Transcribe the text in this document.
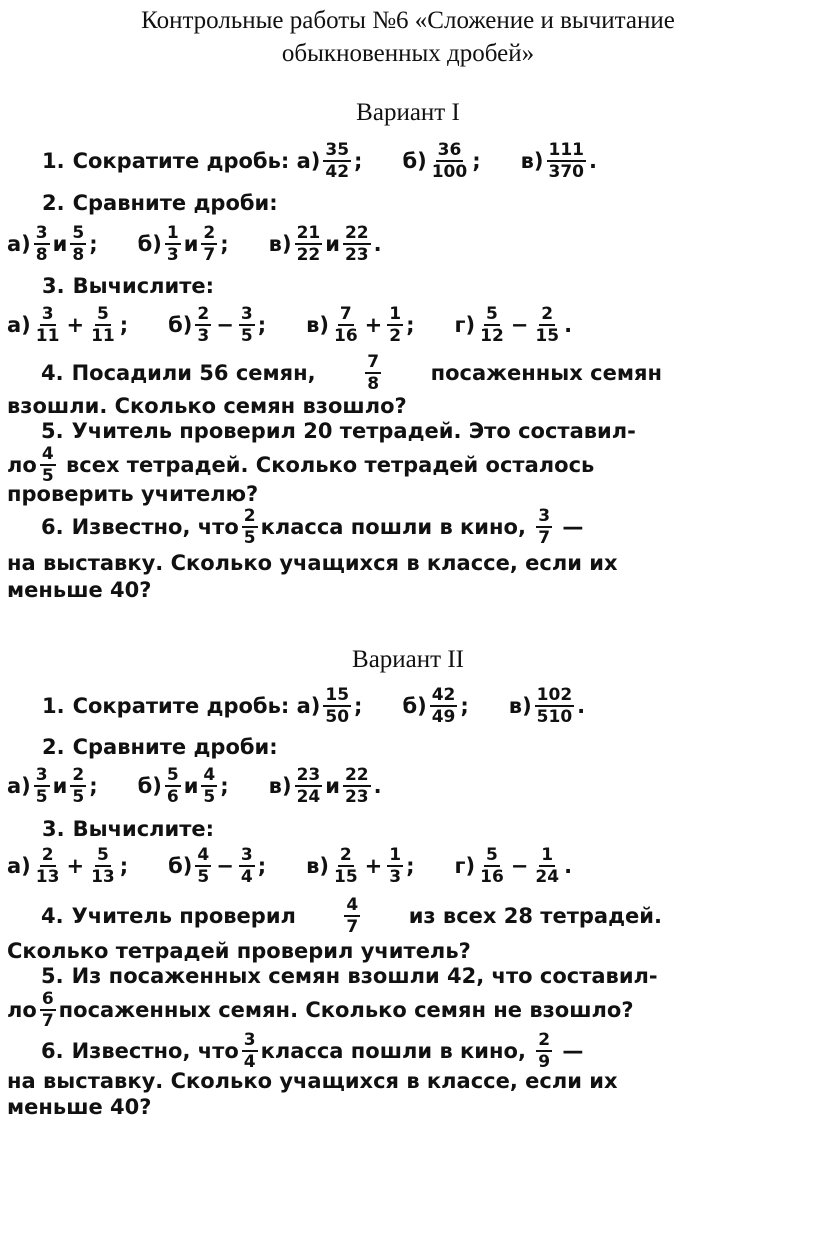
Контрольные работы №6 «Сложение и вычитание
обыкновенных дробей»
Вариант I
1. Сократите дробь:
$а) \frac{35}{42}$ ; $б) \frac{36}{100}$ ; $в) \frac{111}{370}$ .
2. Сравните дроби:
$а) \frac{3}{8}$ и $\frac{5}{8}$ ; $б) \frac{1}{3}$ и $\frac{2}{7}$ ; $в) \frac{21}{22}$ и $\frac{22}{23}$ .
3. Вычислите:
$а) \frac{3}{11} + \frac{5}{11}$ ; $б) \frac{2}{3} - \frac{3}{5}$ ; $в) \frac{7}{16} + \frac{1}{2}$ ; $г) \frac{5}{12} - \frac{2}{15}$ .
4. Посадили 56 семян,	$\frac{7}{8}$ посаженных семян
взошли. Сколько семян взошло?
5. Учитель проверил 20 тетрадей. Это составил-
ло $\frac{4}{5}$
всех тетрадей. Сколько тетрадей осталось
проверить учителю?
6. Известно, что $\frac{2}{5}$ класса пошли в кино,
$\frac{3}{7}$
—
на выставку. Сколько учащихся в классе, если их
меньше 40?
Вариант II
1. Сократите дробь:
$а) \frac{15}{50}$ ; $б) \frac{42}{49}$ ; $в) \frac{102}{510}$ .
2. Сравните дроби:
$а) \frac{3}{5}$ и $\frac{2}{5}$ ; $б) \frac{5}{6}$ и $\frac{4}{5}$ ; $в) \frac{23}{24}$ и $\frac{22}{23}$ .
3. Вычислите:
$а) \frac{2}{13} + \frac{5}{13}$ ; $б) \frac{4}{5} - \frac{3}{4}$ ; $в) \frac{2}{15} + \frac{1}{3}$ ; $г) \frac{5}{16} - \frac{1}{24}$ .
4. Учитель проверил	$\frac{4}{7}$ из всех 28 тетрадей.
Сколько тетрадей проверил учитель?
5. Из посаженных семян взошли 42, что составил-
ло $\frac{6}{7}$ посаженных семян. Сколько семян не взошло?
6. Известно, что $\frac{3}{4}$ класса пошли в кино,
$\frac{2}{9}$
—
на выставку. Сколько учащихся в классе, если их
меньше 40?
